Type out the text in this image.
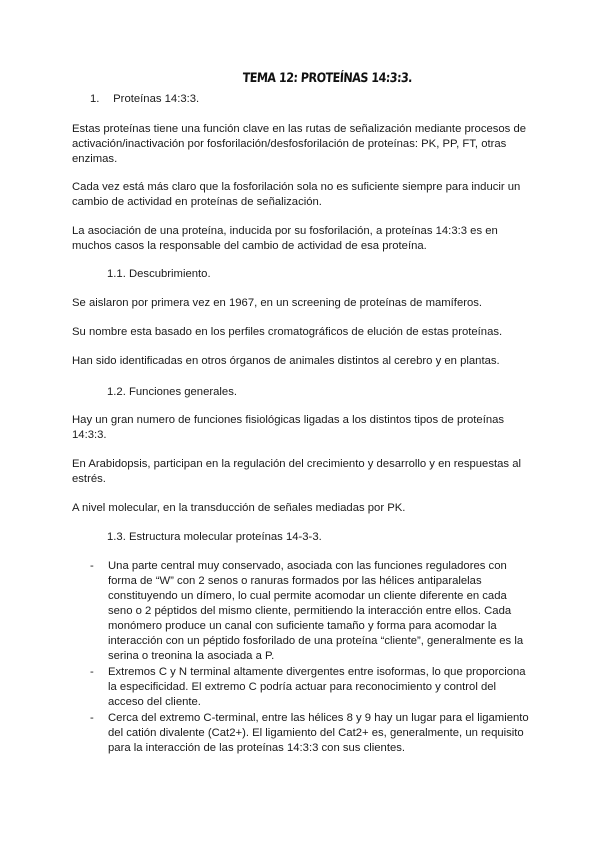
TEMA 12: PROTEÍNAS 14:3:3.
1. Proteínas 14:3:3.

Estas proteínas tiene una función clave en las rutas de señalización mediante procesos de activación/inactivación por fosforilación/desfosforilación de proteínas: PK, PP, FT, otras enzimas.

Cada vez está más claro que la fosforilación sola no es suficiente siempre para inducir un cambio de actividad en proteínas de señalización.

La asociación de una proteína, inducida por su fosforilación, a proteínas 14:3:3 es en muchos casos la responsable del cambio de actividad de esa proteína.

1.1. Descubrimiento.

Se aislaron por primera vez en 1967, en un screening de proteínas de mamíferos.

Su nombre esta basado en los perfiles cromatográficos de elución de estas proteínas.

Han sido identificadas en otros órganos de animales distintos al cerebro y en plantas.

1.2. Funciones generales.

Hay un gran numero de funciones fisiológicas ligadas a los distintos tipos de proteínas 14:3:3.

En Arabidopsis, participan en la regulación del crecimiento y desarrollo y en respuestas al estrés.

A nivel molecular, en la transducción de señales mediadas por PK.

1.3. Estructura molecular proteínas 14-3-3.
- Una parte central muy conservado, asociada con las funciones reguladores con forma de “W” con 2 senos o ranuras formados por las hélices antiparalelas constituyendo un dímero, lo cual permite acomodar un cliente diferente en cada seno o 2 péptidos del mismo cliente, permitiendo la interacción entre ellos. Cada monómero produce un canal con suficiente tamaño y forma para acomodar la interacción con un péptido fosforilado de una proteína “cliente”, generalmente es la serina o treonina la asociada a P.
- Extremos C y N terminal altamente divergentes entre isoformas, lo que proporciona la especificidad. El extremo C podría actuar para reconocimiento y control del acceso del cliente.
- Cerca del extremo C-terminal, entre las hélices 8 y 9 hay un lugar para el ligamiento del catión divalente (Cat2+). El ligamiento del Cat2+ es, generalmente, un requisito para la interacción de las proteínas 14:3:3 con sus clientes.
